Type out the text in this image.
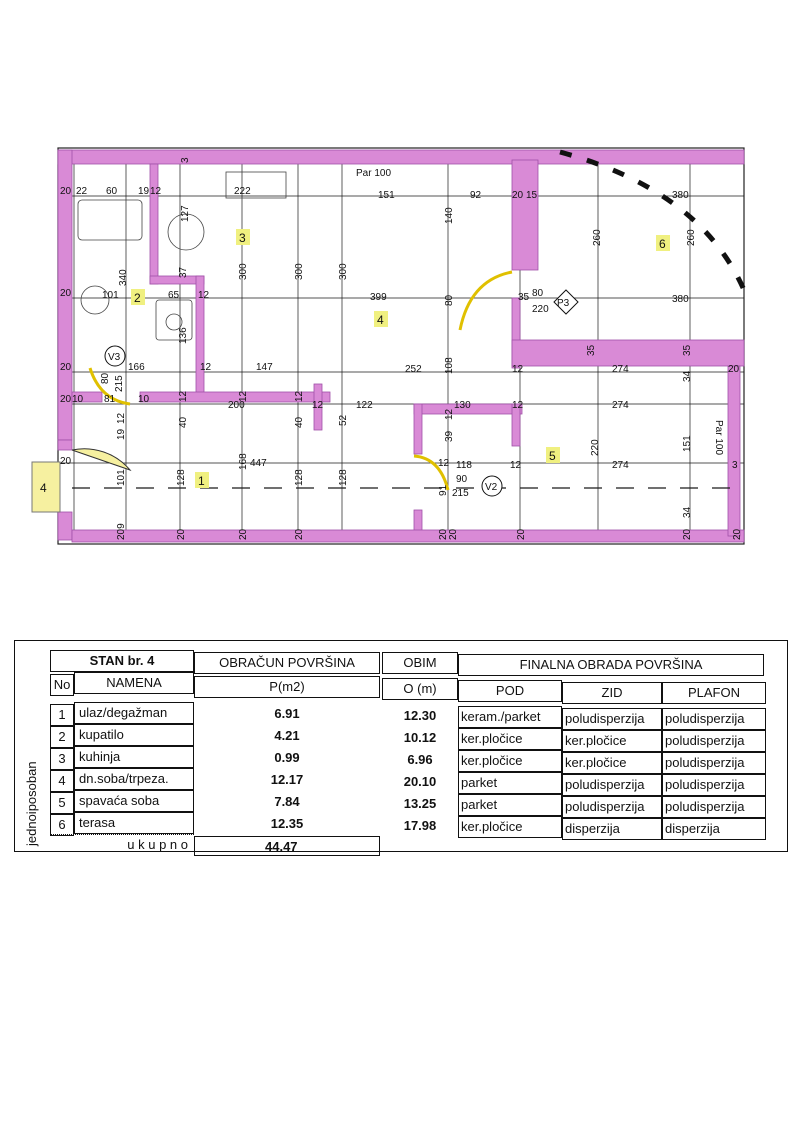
2
3
4
5
6
1
V3
V2
P3
4
Par 100
Par 100
80 215
90
215
80
220
20 22 60 19 12	222	151	92	20 15	380
127
3
340	37	300	300	300
140
260	260
20	101	65 12	399	80	35	380
136
35	35
20	166	12	147	252 108	12	274
34
20
20 10 81 10	12	12
200
12
12	122	130	12	274
19
12	40	40	52
39
12
220	151
20
101	128
168 447
128	128
91
12 118	12	274	3
209	20	20	20	20 20	20	20
34
20
jednoiposoban
STAN br. 4	OBRAČUN POVRŠINA	OBIM	FINALNA OBRADA POVRŠINA
No	NAMENA	P(m2)	O (m)	POD	ZID	PLAFON
1	ulaz/degažman	6.91	12.30	keram./parket	poludisperzija	poludisperzija
2	kupatilo	4.21	10.12	ker.pločice	ker.pločice	poludisperzija
3	kuhinja	0.99	6.96	ker.pločice	ker.pločice	poludisperzija
4	dn.soba/trpeza.	12.17	20.10	parket	poludisperzija	poludisperzija
5	spavaća soba	7.84	13.25	parket	poludisperzija	poludisperzija
6	terasa	12.35	17.98	ker.pločice	disperzija	disperzija
u k u p n o	44.47
